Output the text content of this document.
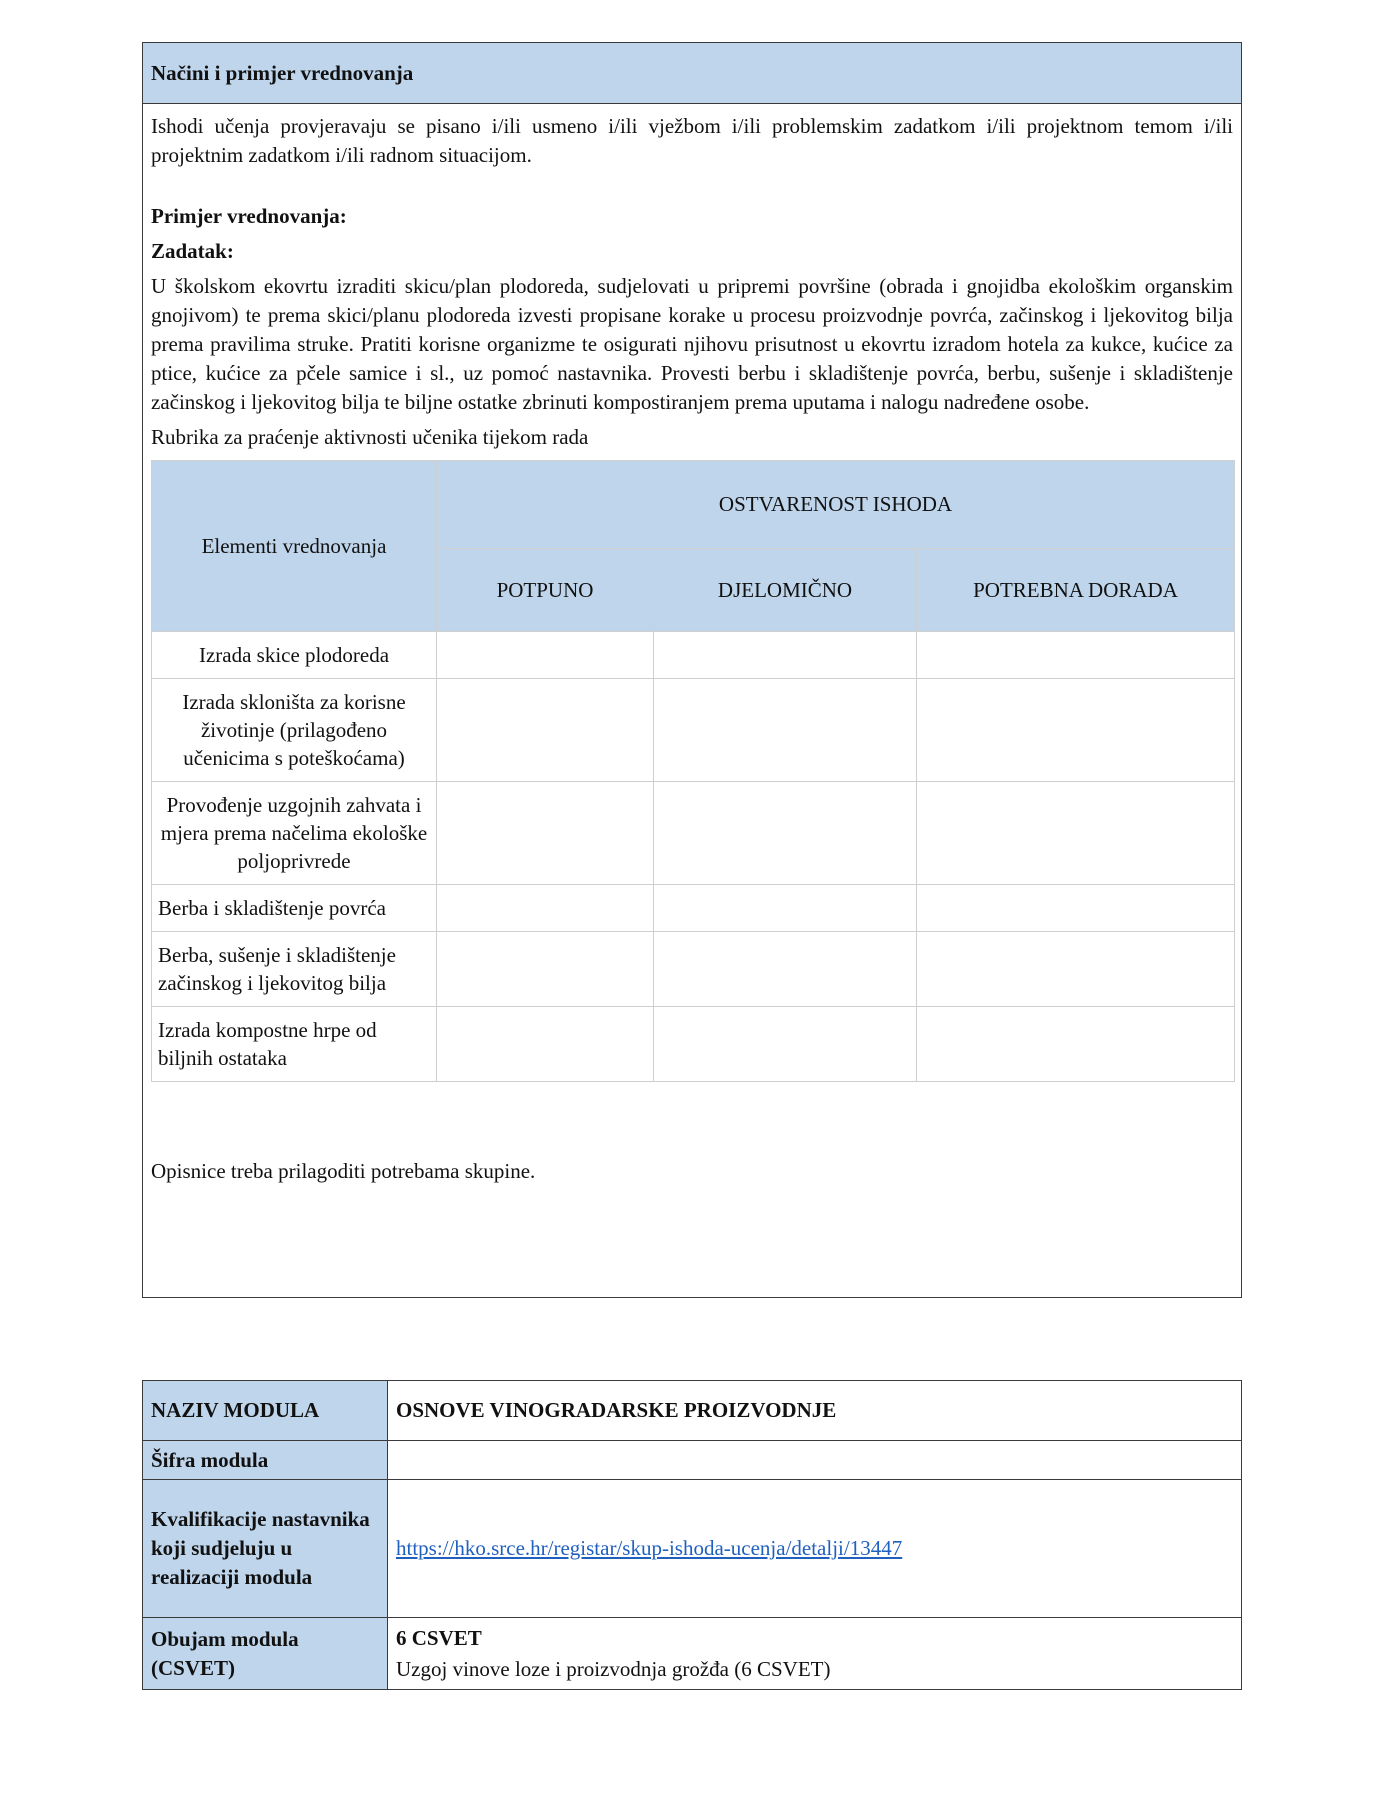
Načini i primjer vrednovanja

Ishodi učenja provjeravaju se pisano i/ili usmeno i/ili vježbom i/ili problemskim zadatkom i/ili projektnom temom i/ili projektnim zadatkom i/ili radnom situacijom.

Primjer vrednovanja:

Zadatak:

U školskom ekovrtu izraditi skicu/plan plodoreda, sudjelovati u pripremi površine (obrada i gnojidba ekološkim organskim gnojivom) te prema skici/planu plodoreda izvesti propisane korake u procesu proizvodnje povrća, začinskog i ljekovitog bilja prema pravilima struke. Pratiti korisne organizme te osigurati njihovu prisutnost u ekovrtu izradom hotela za kukce, kućice za ptice, kućice za pčele samice i sl., uz pomoć nastavnika. Provesti berbu i skladištenje povrća, berbu, sušenje i skladištenje začinskog i ljekovitog bilja te biljne ostatke zbrinuti kompostiranjem prema uputama i nalogu nadređene osobe.

Rubrika za praćenje aktivnosti učenika tijekom rada

Elementi vrednovanja	OSTVARENOST ISHODA		
	POTPUNO	DJELOMIČNO	POTREBNA DORADA
Izrada skice plodoreda			
Izrada skloništa za korisne životinje (prilagođeno učenicima s poteškoćama)			
Provođenje uzgojnih zahvata i mjera prema načelima ekološke poljoprivrede			
Berba i skladištenje povrća			
Berba, sušenje i skladištenje začinskog i ljekovitog bilja			
Izrada kompostne hrpe od biljnih ostataka			

Opisnice treba prilagoditi potrebama skupine.

NAZIV MODULA	OSNOVE VINOGRADARSKE PROIZVODNJE
Šifra modula	
Kvalifikacije nastavnika koji sudjeluju u realizaciji modula	https://hko.srce.hr/registar/skup-ishoda-ucenja/detalji/13447
Obujam modula (CSVET)	6 CSVET
Uzgoj vinove loze i proizvodnja grožđa (6 CSVET)
